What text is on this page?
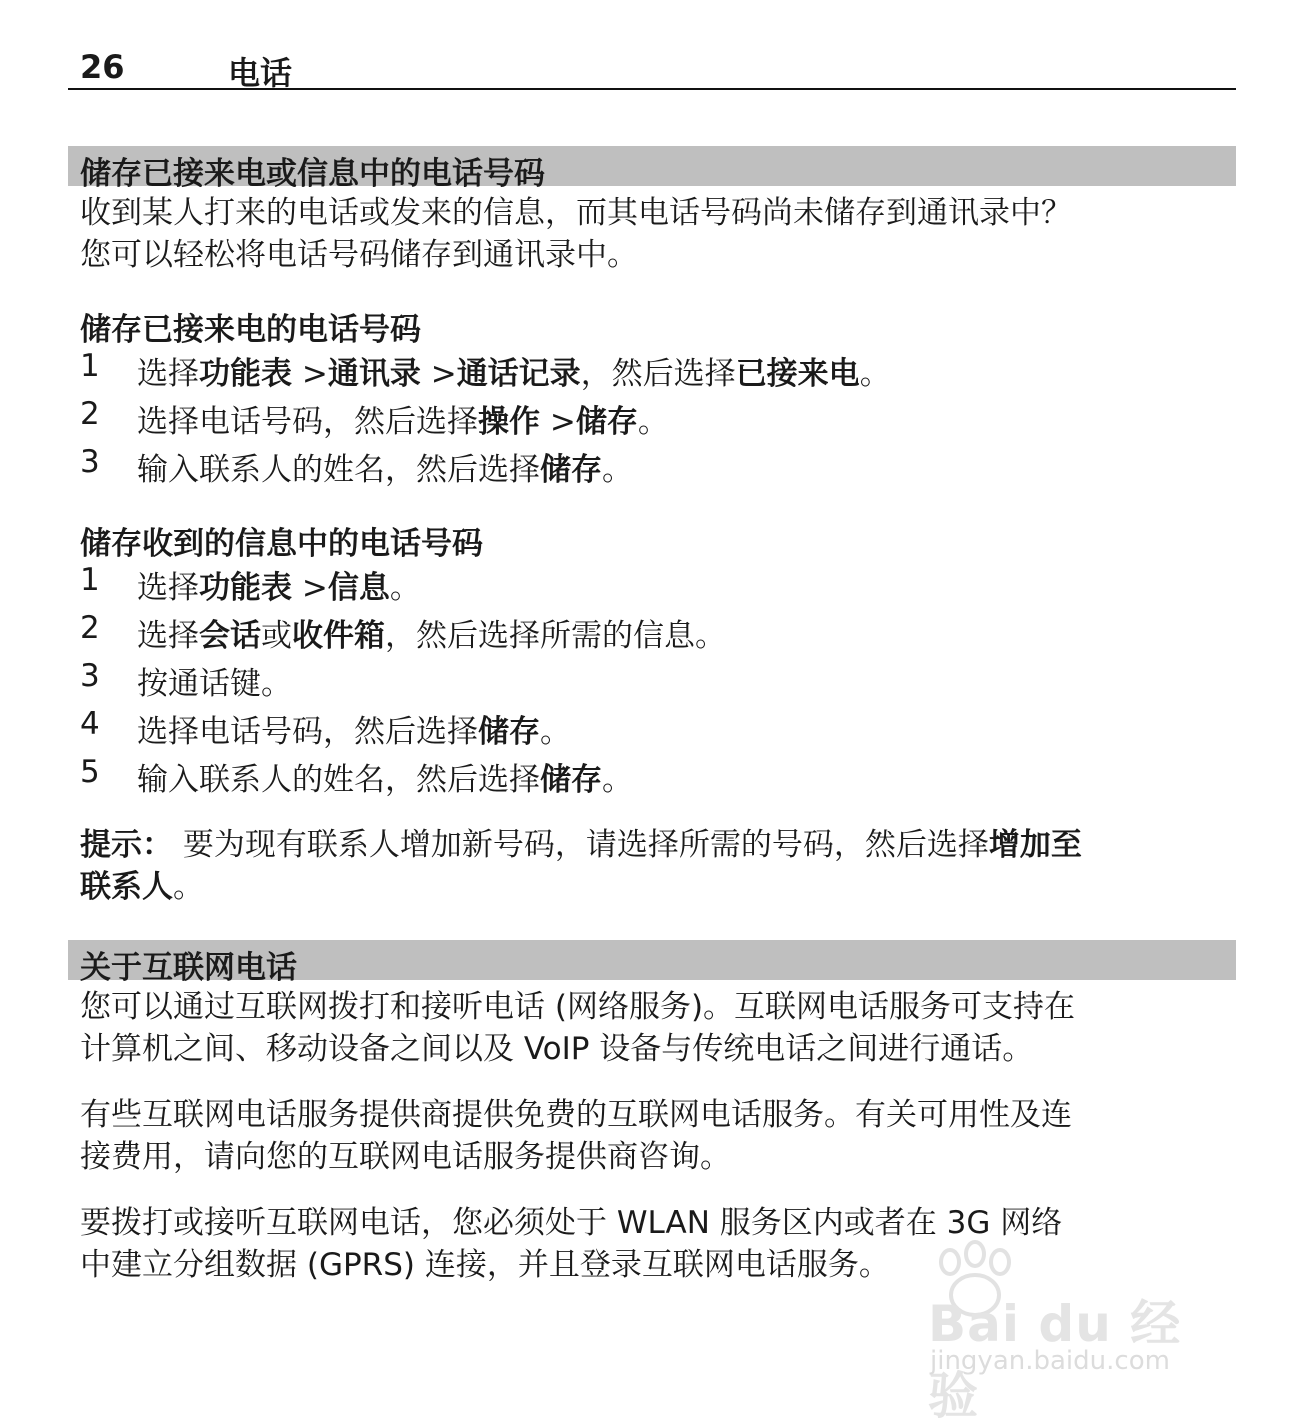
26	电话
储存已接来电或信息中的电话号码

收到某人打来的电话或发来的信息，而其电话号码尚未储存到通讯录中？
您可以轻松将电话号码储存到通讯录中。

储存已接来电的电话号码

1	选择功能表 >通讯录 >通话记录，然后选择已接来电。
2	选择电话号码，然后选择操作 >储存。
3	输入联系人的姓名，然后选择储存。

储存收到的信息中的电话号码

1	选择功能表 >信息。
2	选择会话或收件箱，然后选择所需的信息。
3	按通话键。
4	选择电话号码，然后选择储存。
5	输入联系人的姓名，然后选择储存。

提示： 要为现有联系人增加新号码，请选择所需的号码，然后选择增加至
联系人。

关于互联网电话

您可以通过互联网拨打和接听电话 (网络服务)。互联网电话服务可支持在
计算机之间、移动设备之间以及 VoIP 设备与传统电话之间进行通话。

有些互联网电话服务提供商提供免费的互联网电话服务。有关可用性及连
接费用，请向您的互联网电话服务提供商咨询。

要拨打或接听互联网电话，您必须处于 WLAN 服务区内或者在 3G 网络
中建立分组数据 (GPRS) 连接，并且登录互联网电话服务。

Bai du 经验
jingyan.baidu.com
